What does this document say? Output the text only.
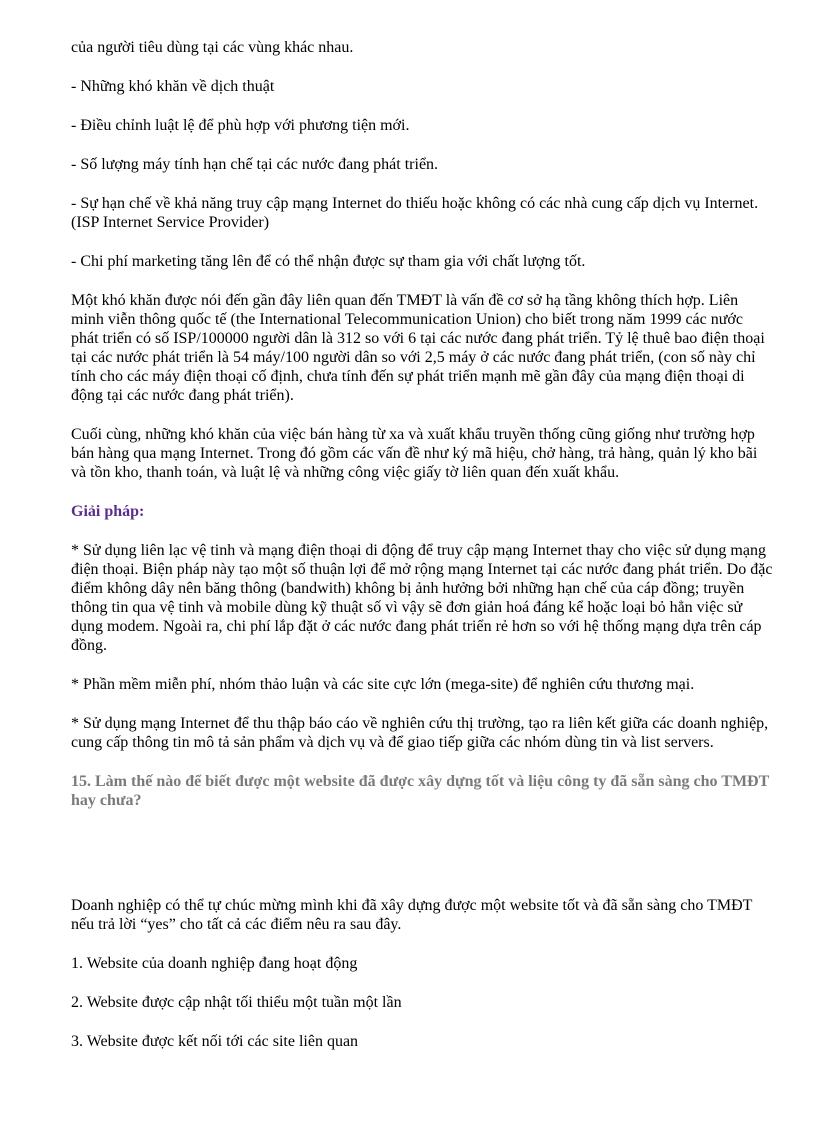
của người tiêu dùng tại các vùng khác nhau.

- Những khó khăn về dịch thuật

- Điều chỉnh luật lệ để phù hợp với phương tiện mới.

- Số lượng máy tính hạn chế tại các nước đang phát triển.

- Sự hạn chế về khả năng truy cập mạng Internet do thiếu hoặc không có các nhà cung cấp dịch vụ Internet. (ISP Internet Service Provider)

- Chi phí marketing tăng lên để có thể nhận được sự tham gia với chất lượng tốt.

Một khó khăn được nói đến gần đây liên quan đến TMĐT là vấn đề cơ sở hạ tầng không thích hợp. Liên minh viễn thông quốc tế (the International Telecommunication Union) cho biết trong năm 1999 các nước phát triển có số ISP/100000 người dân là 312 so với 6 tại các nước đang phát triển. Tỷ lệ thuê bao điện thoại tại các nước phát triển là 54 máy/100 người dân so với 2,5 máy ở các nước đang phát triển, (con số này chỉ tính cho các máy điện thoại cố định, chưa tính đến sự phát triển mạnh mẽ gần đây của mạng điện thoại di động tại các nước đang phát triển).

Cuối cùng, những khó khăn của việc bán hàng từ xa và xuất khẩu truyền thống cũng giống như trường hợp bán hàng qua mạng Internet. Trong đó gồm các vấn đề như ký mã hiệu, chở hàng, trả hàng, quản lý kho bãi và tồn kho, thanh toán, và luật lệ và những công việc giấy tờ liên quan đến xuất khẩu.

Giải pháp:

* Sử dụng liên lạc vệ tinh và mạng điện thoại di động để truy cập mạng Internet thay cho việc sử dụng mạng điện thoại. Biện pháp này tạo một số thuận lợi để mở rộng mạng Internet tại các nước đang phát triển. Do đặc điểm không dây nên băng thông (bandwith) không bị ảnh hưởng bởi những hạn chế của cáp đồng; truyền thông tin qua vệ tinh và mobile dùng kỹ thuật số vì vậy sẽ đơn giản hoá đáng kể hoặc loại bỏ hẳn việc sử dụng modem. Ngoài ra, chi phí lắp đặt ở các nước đang phát triển rẻ hơn so với hệ thống mạng dựa trên cáp đồng.

* Phần mềm miễn phí, nhóm thảo luận và các site cực lớn (mega-site) để nghiên cứu thương mại.

* Sử dụng mạng Internet để thu thập báo cáo về nghiên cứu thị trường, tạo ra liên kết giữa các doanh nghiệp, cung cấp thông tin mô tả sản phẩm và dịch vụ và để giao tiếp giữa các nhóm dùng tin và list servers.

15. Làm thế nào để biết được một website đã được xây dựng tốt và liệu công ty đã sẵn sàng cho TMĐT hay chưa?

Doanh nghiệp có thể tự chúc mừng mình khi đã xây dựng được một website tốt và đã sẵn sàng cho TMĐT nếu trả lời “yes” cho tất cả các điểm nêu ra sau đây.

1. Website của doanh nghiệp đang hoạt động

2. Website được cập nhật tối thiểu một tuần một lần

3. Website được kết nối tới các site liên quan
